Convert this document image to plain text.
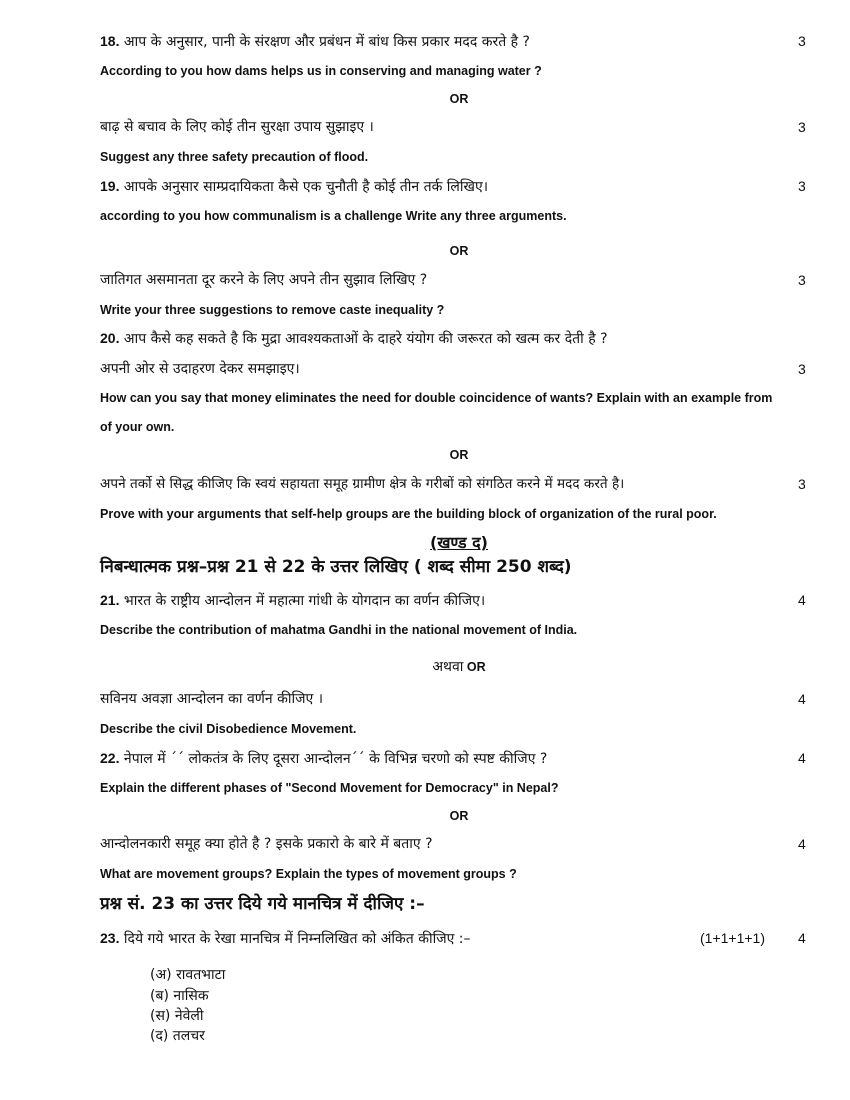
18. आप के अनुसार, पानी के संरक्षण और प्रबंधन में बांध किस प्रकार मदद करते है ?	3
According to you how dams helps us in conserving and managing water ?
OR
बाढ़ से बचाव के लिए कोई तीन सुरक्षा उपाय सुझाइए ।	3
Suggest any three safety precaution of flood.
19. आपके अनुसार साम्प्रदायिकता कैसे एक चुनौती है कोई तीन तर्क लिखिए।	3
according to you how communalism is a challenge Write any three arguments.
OR
जातिगत असमानता दूर करने के लिए अपने तीन सुझाव लिखिए ?	3
Write your three suggestions to remove caste inequality ?
20. आप कैसे कह सकते है कि मुद्रा आवश्यकताओं के दाहरे यंयोग की जरूरत को खत्म कर देती है ?
अपनी ओर से उदाहरण देकर समझाइए।	3
How can you say that money eliminates the need for double coincidence of wants? Explain with an example from
of your own.
OR
अपने तर्को से सिद्ध कीजिए कि स्वयं सहायता समूह ग्रामीण क्षेत्र के गरीबों को संगठित करने में मदद करते है।	3
Prove with your arguments that self-help groups are the building block of organization of the rural poor.
(खण्ड द)
निबन्धात्मक प्रश्न–प्रश्न 21 से 22 के उत्तर लिखिए ( शब्द सीमा 250 शब्द)
21. भारत के राष्ट्रीय आन्दोलन में महात्मा गांधी के योगदान का वर्णन कीजिए।	4
Describe the contribution of mahatma Gandhi in the national movement of India.
अथवा OR
सविनय अवज्ञा आन्दोलन का वर्णन कीजिए ।	4
Describe the civil Disobedience Movement.
22. नेपाल में ´´ लोकतंत्र के लिए दूसरा आन्दोलन´´ के विभिन्न चरणो को स्पष्ट कीजिए ?	4
Explain the different phases of "Second Movement for Democracy" in Nepal?
OR
आन्दोलनकारी समूह क्या होते है ? इसके प्रकारो के बारे में बताए ?	4
What are movement groups? Explain the types of movement groups ?
प्रश्न सं. 23 का उत्तर दिये गये मानचित्र में दीजिए :–
23. दिये गये भारत के रेखा मानचित्र में निम्नलिखित को अंकित कीजिए :–	(1+1+1+1) 4
(अ) रावतभाटा
(ब) नासिक
(स) नेवेली
(द) तलचर
